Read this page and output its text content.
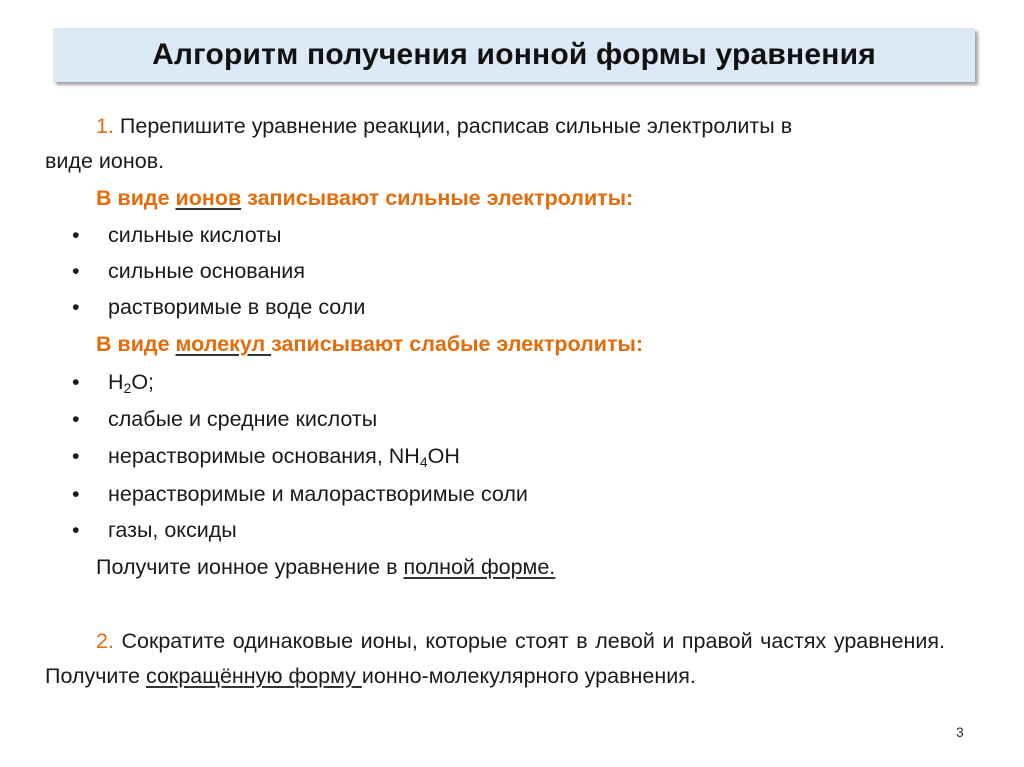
Алгоритм получения ионной формы уравнения
1. Перепишите уравнение реакции, расписав сильные электролиты в
виде ионов.
В виде ионов записывают сильные электролиты:
• сильные кислоты
• сильные основания
• растворимые в воде соли
В виде молекул записывают слабые электролиты:
• $H_2O$;
• слабые и средние кислоты
• нерастворимые основания, $NH_4OH$
• нерастворимые и малорастворимые соли
• газы, оксиды
Получите ионное уравнение в полной форме.
2. Сократите одинаковые ионы, которые стоят в левой и правой частях уравнения. Получите сокращённую форму ионно-молекулярного уравнения.
3
